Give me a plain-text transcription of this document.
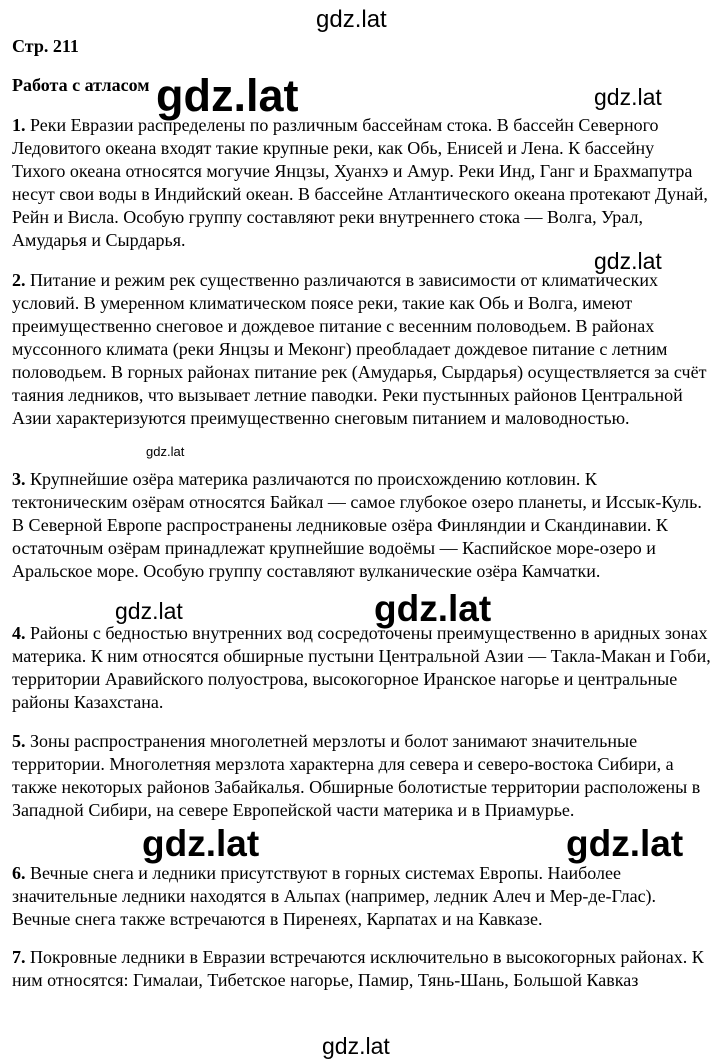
Стр. 211
Работа с атласом

1. Реки Евразии распределены по различным бассейнам стока. В бассейн Северного Ледовитого океана входят такие крупные реки, как Обь, Енисей и Лена. К бассейну Тихого океана относятся могучие Янцзы, Хуанхэ и Амур. Реки Инд, Ганг и Брахмапутра несут свои воды в Индийский океан. В бассейне Атлантического океана протекают Дунай, Рейн и Висла. Особую группу составляют реки внутреннего стока — Волга, Урал, Амударья и Сырдарья.

2. Питание и режим рек существенно различаются в зависимости от климатических условий. В умеренном климатическом поясе реки, такие как Обь и Волга, имеют преимущественно снеговое и дождевое питание с весенним половодьем. В районах муссонного климата (реки Янцзы и Меконг) преобладает дождевое питание с летним половодьем. В горных районах питание рек (Амударья, Сырдарья) осуществляется за счёт таяния ледников, что вызывает летние паводки. Реки пустынных районов Центральной Азии характеризуются преимущественно снеговым питанием и маловодностью.

3. Крупнейшие озёра материка различаются по происхождению котловин. К тектоническим озёрам относятся Байкал — самое глубокое озеро планеты, и Иссык-Куль. В Северной Европе распространены ледниковые озёра Финляндии и Скандинавии. К остаточным озёрам принадлежат крупнейшие водоёмы — Каспийское море-озеро и Аральское море. Особую группу составляют вулканические озёра Камчатки.

4. Районы с бедностью внутренних вод сосредоточены преимущественно в аридных зонах материка. К ним относятся обширные пустыни Центральной Азии — Такла-Макан и Гоби, территории Аравийского полуострова, высокогорное Иранское нагорье и центральные районы Казахстана.

5. Зоны распространения многолетней мерзлоты и болот занимают значительные территории. Многолетняя мерзлота характерна для севера и северо-востока Сибири, а также некоторых районов Забайкалья. Обширные болотистые территории расположены в Западной Сибири, на севере Европейской части материка и в Приамурье.

6. Вечные снега и ледники присутствуют в горных системах Европы. Наиболее значительные ледники находятся в Альпах (например, ледник Алеч и Мер-де-Глас). Вечные снега также встречаются в Пиренеях, Карпатах и на Кавказе.

7. Покровные ледники в Евразии встречаются исключительно в высокогорных районах. К ним относятся: Гималаи, Тибетское нагорье, Памир, Тянь-Шань, Большой Кавказ

gdz.lat
gdz.lat	gdz.lat
gdz.lat
gdz.lat
gdz.lat	gdz.lat
gdz.lat	gdz.lat
gdz.lat
